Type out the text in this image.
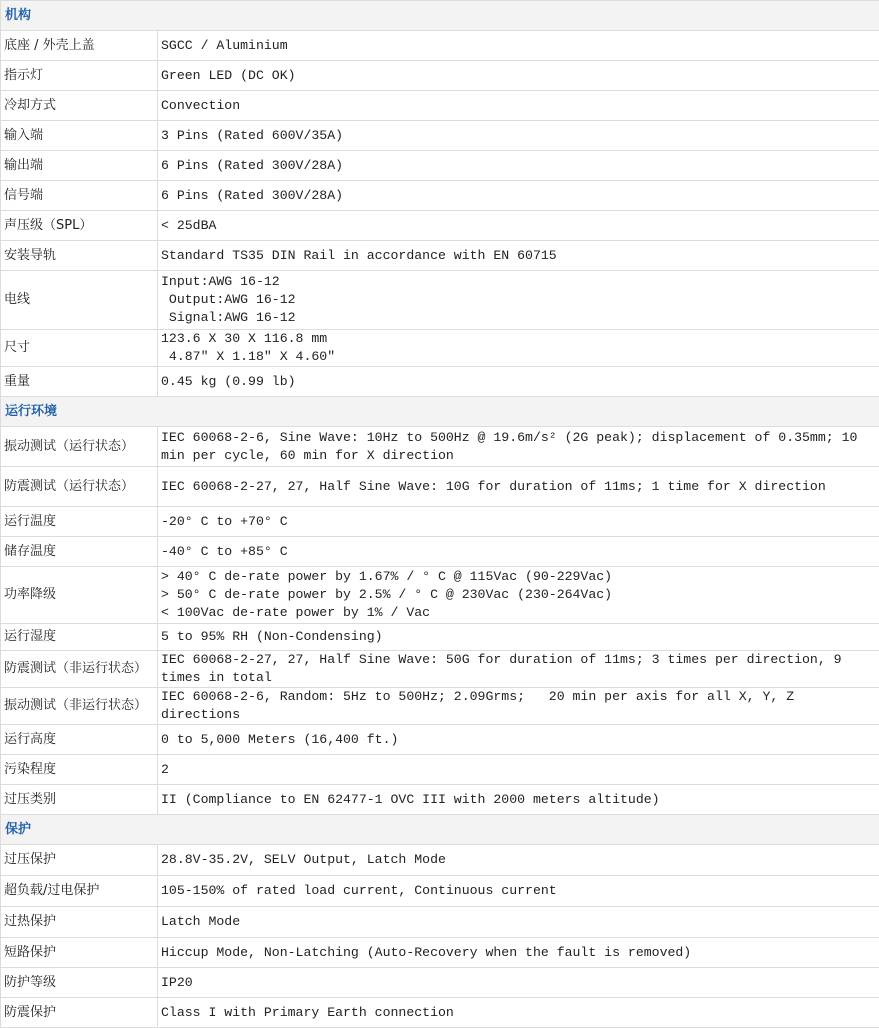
机构	
底座 / 外壳上盖	SGCC / Aluminium
指示灯	Green LED (DC OK)
冷却方式	Convection
输入端	3 Pins (Rated 600V/35A)
输出端	6 Pins (Rated 300V/28A)
信号端	6 Pins (Rated 300V/28A)
声压级（SPL）	< 25dBA
安装导轨	Standard TS35 DIN Rail in accordance with EN 60715
电线	Input:AWG 16-12
Output:AWG 16-12
Signal:AWG 16-12
尺寸	123.6 X 30 X 116.8 mm
4.87″ X 1.18″ X 4.60″
重量	0.45 kg (0.99 lb)
运行环境	
振动测试（运行状态）	IEC 60068-2-6, Sine Wave: 10Hz to 500Hz @ 19.6m/s² (2G peak); displacement of 0.35mm; 10 min per cycle, 60 min for X direction
防震测试（运行状态）	IEC 60068-2-27, 27, Half Sine Wave: 10G for duration of 11ms; 1 time for X direction
运行温度	-20° C to +70° C
储存温度	-40° C to +85° C
功率降级	> 40° C de-rate power by 1.67% / ° C @ 115Vac (90-229Vac)
> 50° C de-rate power by 2.5% / ° C @ 230Vac (230-264Vac)
< 100Vac de-rate power by 1% / Vac
运行湿度	5 to 95% RH (Non-Condensing)
防震测试（非运行状态）	IEC 60068-2-27, 27, Half Sine Wave: 50G for duration of 11ms; 3 times per direction, 9 times in total
振动测试（非运行状态）	IEC 60068-2-6, Random: 5Hz to 500Hz; 2.09Grms;   20 min per axis for all X, Y, Z directions
运行高度	0 to 5,000 Meters (16,400 ft.)
污染程度	2
过压类别	II (Compliance to EN 62477-1 OVC III with 2000 meters altitude)
保护	
过压保护	28.8V-35.2V, SELV Output, Latch Mode
超负载/过电保护	105-150% of rated load current, Continuous current
过热保护	Latch Mode
短路保护	Hiccup Mode, Non-Latching (Auto-Recovery when the fault is removed)
防护等级	IP20
防震保护	Class I with Primary Earth connection
